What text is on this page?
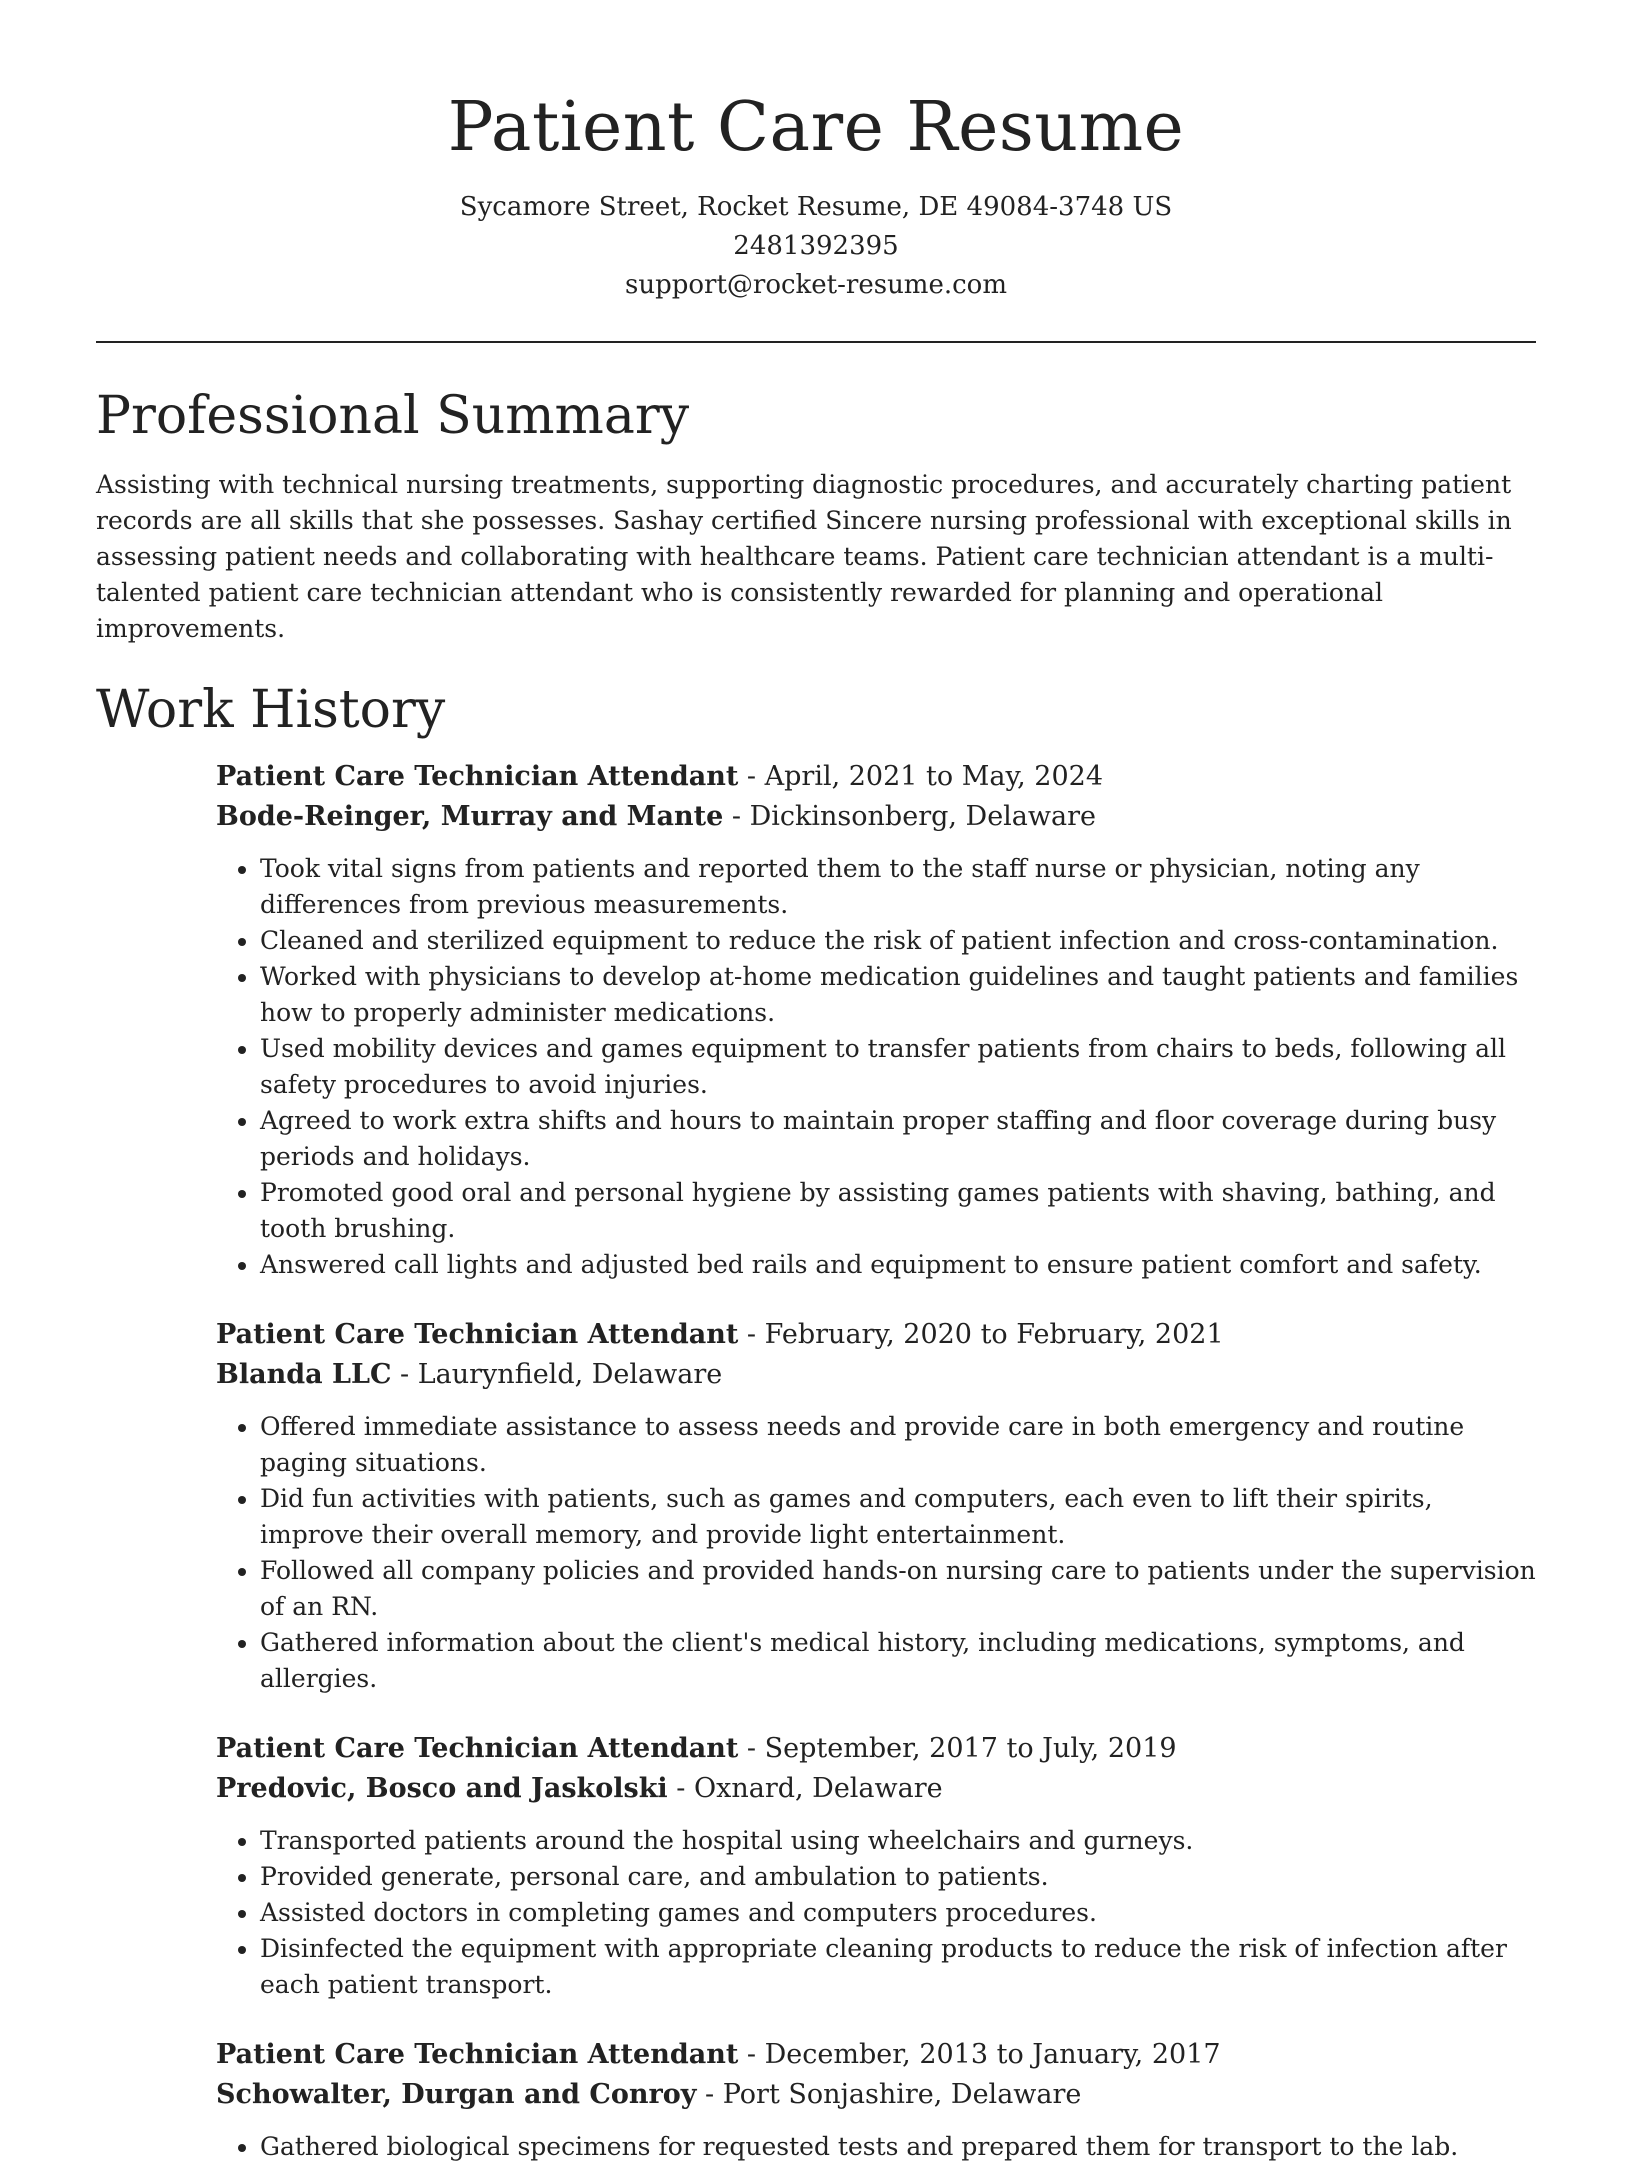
Patient Care Resume
Sycamore Street, Rocket Resume, DE 49084-3748 US
2481392395
support@rocket-resume.com
Professional Summary

Assisting with technical nursing treatments, supporting diagnostic procedures, and accurately charting patient records are all skills that she possesses. Sashay certified Sincere nursing professional with exceptional skills in assessing patient needs and collaborating with healthcare teams. Patient care technician attendant is a multi-talented patient care technician attendant who is consistently rewarded for planning and operational improvements.

Work History
Patient Care Technician Attendant - April, 2021 to May, 2024
Bode-Reinger, Murray and Mante - Dickinsonberg, Delaware
• Took vital signs from patients and reported them to the staff nurse or physician, noting any differences from previous measurements.
• Cleaned and sterilized equipment to reduce the risk of patient infection and cross-contamination.
• Worked with physicians to develop at-home medication guidelines and taught patients and families how to properly administer medications.
• Used mobility devices and games equipment to transfer patients from chairs to beds, following all safety procedures to avoid injuries.
• Agreed to work extra shifts and hours to maintain proper staffing and floor coverage during busy periods and holidays.
• Promoted good oral and personal hygiene by assisting games patients with shaving, bathing, and tooth brushing.
• Answered call lights and adjusted bed rails and equipment to ensure patient comfort and safety.
Patient Care Technician Attendant - February, 2020 to February, 2021
Blanda LLC - Laurynfield, Delaware
• Offered immediate assistance to assess needs and provide care in both emergency and routine paging situations.
• Did fun activities with patients, such as games and computers, each even to lift their spirits, improve their overall memory, and provide light entertainment.
• Followed all company policies and provided hands-on nursing care to patients under the supervision of an RN.
• Gathered information about the client's medical history, including medications, symptoms, and allergies.
Patient Care Technician Attendant - September, 2017 to July, 2019
Predovic, Bosco and Jaskolski - Oxnard, Delaware
• Transported patients around the hospital using wheelchairs and gurneys.
• Provided generate, personal care, and ambulation to patients.
• Assisted doctors in completing games and computers procedures.
• Disinfected the equipment with appropriate cleaning products to reduce the risk of infection after each patient transport.
Patient Care Technician Attendant - December, 2013 to January, 2017
Schowalter, Durgan and Conroy - Port Sonjashire, Delaware
• Gathered biological specimens for requested tests and prepared them for transport to the lab.
